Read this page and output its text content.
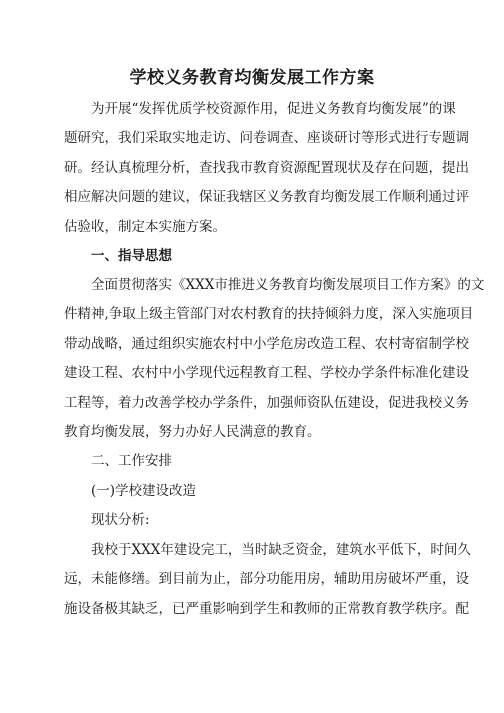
学校义务教育均衡发展工作方案
为开展“发挥优质学校资源作用，促进义务教育均衡发展”的课
题研究，我们采取实地走访、问卷调查、座谈研讨等形式进行专题调
研。经认真梳理分析，查找我市教育资源配置现状及存在问题，提出
相应解决问题的建议，保证我辖区义务教育均衡发展工作顺利通过评
估验收，制定本实施方案。
一、指导思想
全面贯彻落实《XXX市推进义务教育均衡发展项目工作方案》的文
件精神,争取上级主管部门对农村教育的扶持倾斜力度，深入实施项目
带动战略，通过组织实施农村中小学危房改造工程、农村寄宿制学校
建设工程、农村中小学现代远程教育工程、学校办学条件标准化建设
工程等，着力改善学校办学条件，加强师资队伍建设，促进我校义务
教育均衡发展，努力办好人民满意的教育。
二、工作安排
(一)学校建设改造
现状分析:
我校于XXX年建设完工，当时缺乏资金，建筑水平低下，时间久
远，未能修缮。到目前为止，部分功能用房，辅助用房破坏严重，设
施设备极其缺乏，已严重影响到学生和教师的正常教育教学秩序。配
